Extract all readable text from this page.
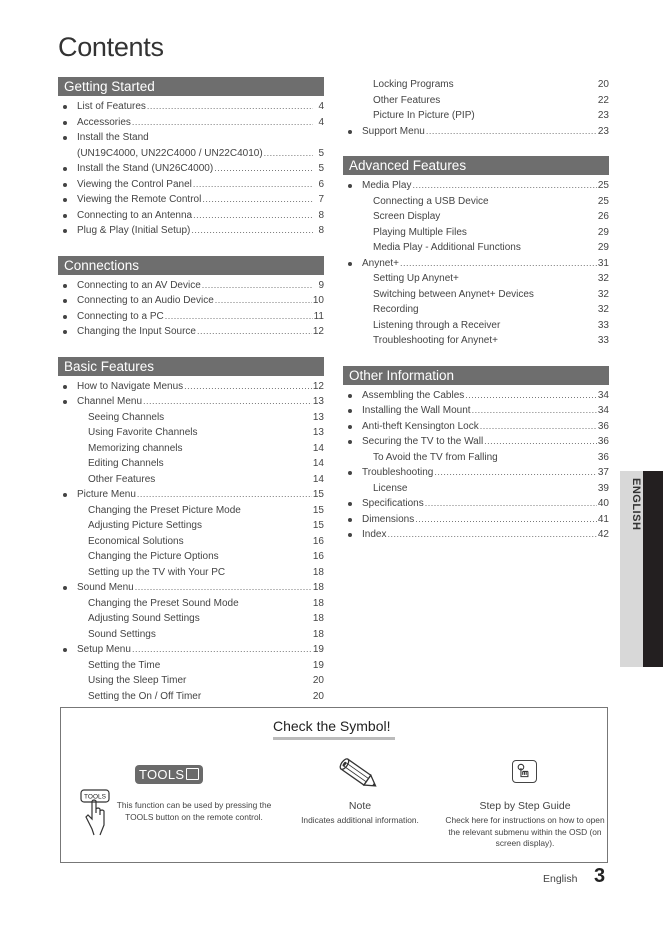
Contents
Getting Started
List of Features .....	4
Accessories .....	4
Install the Stand
(UN19C4000, UN22C4000 / UN22C4010) .....	5
Install the Stand (UN26C4000) .....	5
Viewing the Control Panel .....	6
Viewing the Remote Control .....	7
Connecting to an Antenna .....	8
Plug & Play (Initial Setup) .....	8
Connections
Connecting to an AV Device .....	9
Connecting to an Audio Device .....	10
Connecting to a PC .....	11
Changing the Input Source .....	12
Basic Features
How to Navigate Menus .....	12
Channel Menu .....	13
Seeing Channels	13
Using Favorite Channels	13
Memorizing channels	14
Editing Channels	14
Other Features	14
Picture Menu .....	15
Changing the Preset Picture Mode	15
Adjusting Picture Settings	15
Economical Solutions	16
Changing the Picture Options	16
Setting up the TV with Your PC	18
Sound Menu .....	18
Changing the Preset Sound Mode	18
Adjusting Sound Settings	18
Sound Settings	18
Setup Menu .....	19
Setting the Time	19
Using the Sleep Timer	20
Setting the On / Off Timer	20
Locking Programs	20
Other Features	22
Picture In Picture (PIP)	23
Support Menu .....	23
Advanced Features
Media Play .....	25
Connecting a USB Device	25
Screen Display	26
Playing Multiple Files	29
Media Play - Additional Functions	29
Anynet+ .....	31
Setting Up Anynet+	32
Switching between Anynet+ Devices	32
Recording	32
Listening through a Receiver	33
Troubleshooting for Anynet+	33
Other Information
Assembling the Cables .....	34
Installing the Wall Mount .....	34
Anti-theft Kensington Lock .....	36
Securing the TV to the Wall .....	36
To Avoid the TV from Falling	36
Troubleshooting .....	37
License	39
Specifications .....	40
Dimensions .....	41
Index .....	42
ENGLISH
Check the Symbol!
TOOLS
TOOLS
This function can be used by pressing the TOOLS button on the remote control.
Note
Indicates additional information.
Step by Step Guide
Check here for instructions on how to open the relevant submenu within the OSD (on screen display).
English 3
